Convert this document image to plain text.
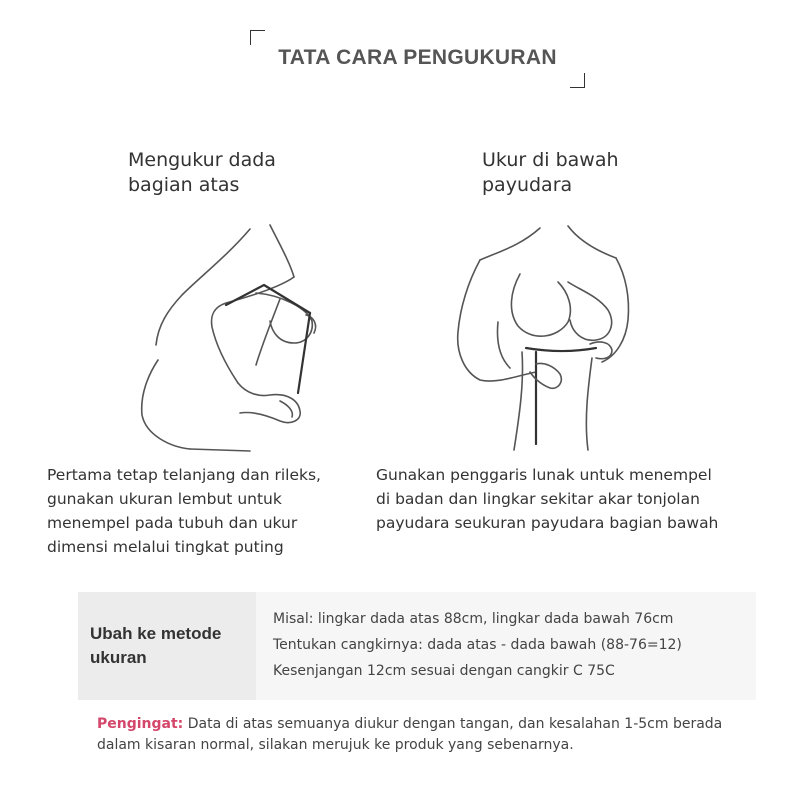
TATA CARA PENGUKURAN
Mengukur dada
bagian atas
Ukur di bawah
payudara
Pertama tetap telanjang dan rileks,
gunakan ukuran lembut untuk
menempel pada tubuh dan ukur
dimensi melalui tingkat puting
Gunakan penggaris lunak untuk menempel
di badan dan lingkar sekitar akar tonjolan
payudara seukuran payudara bagian bawah
Ubah ke metode ukuran
Misal: lingkar dada atas 88cm, lingkar dada bawah 76cm
Tentukan cangkirnya: dada atas - dada bawah (88-76=12)
Kesenjangan 12cm sesuai dengan cangkir C 75C
Pengingat: Data di atas semuanya diukur dengan tangan, dan kesalahan 1-5cm berada dalam kisaran normal, silakan merujuk ke produk yang sebenarnya.
